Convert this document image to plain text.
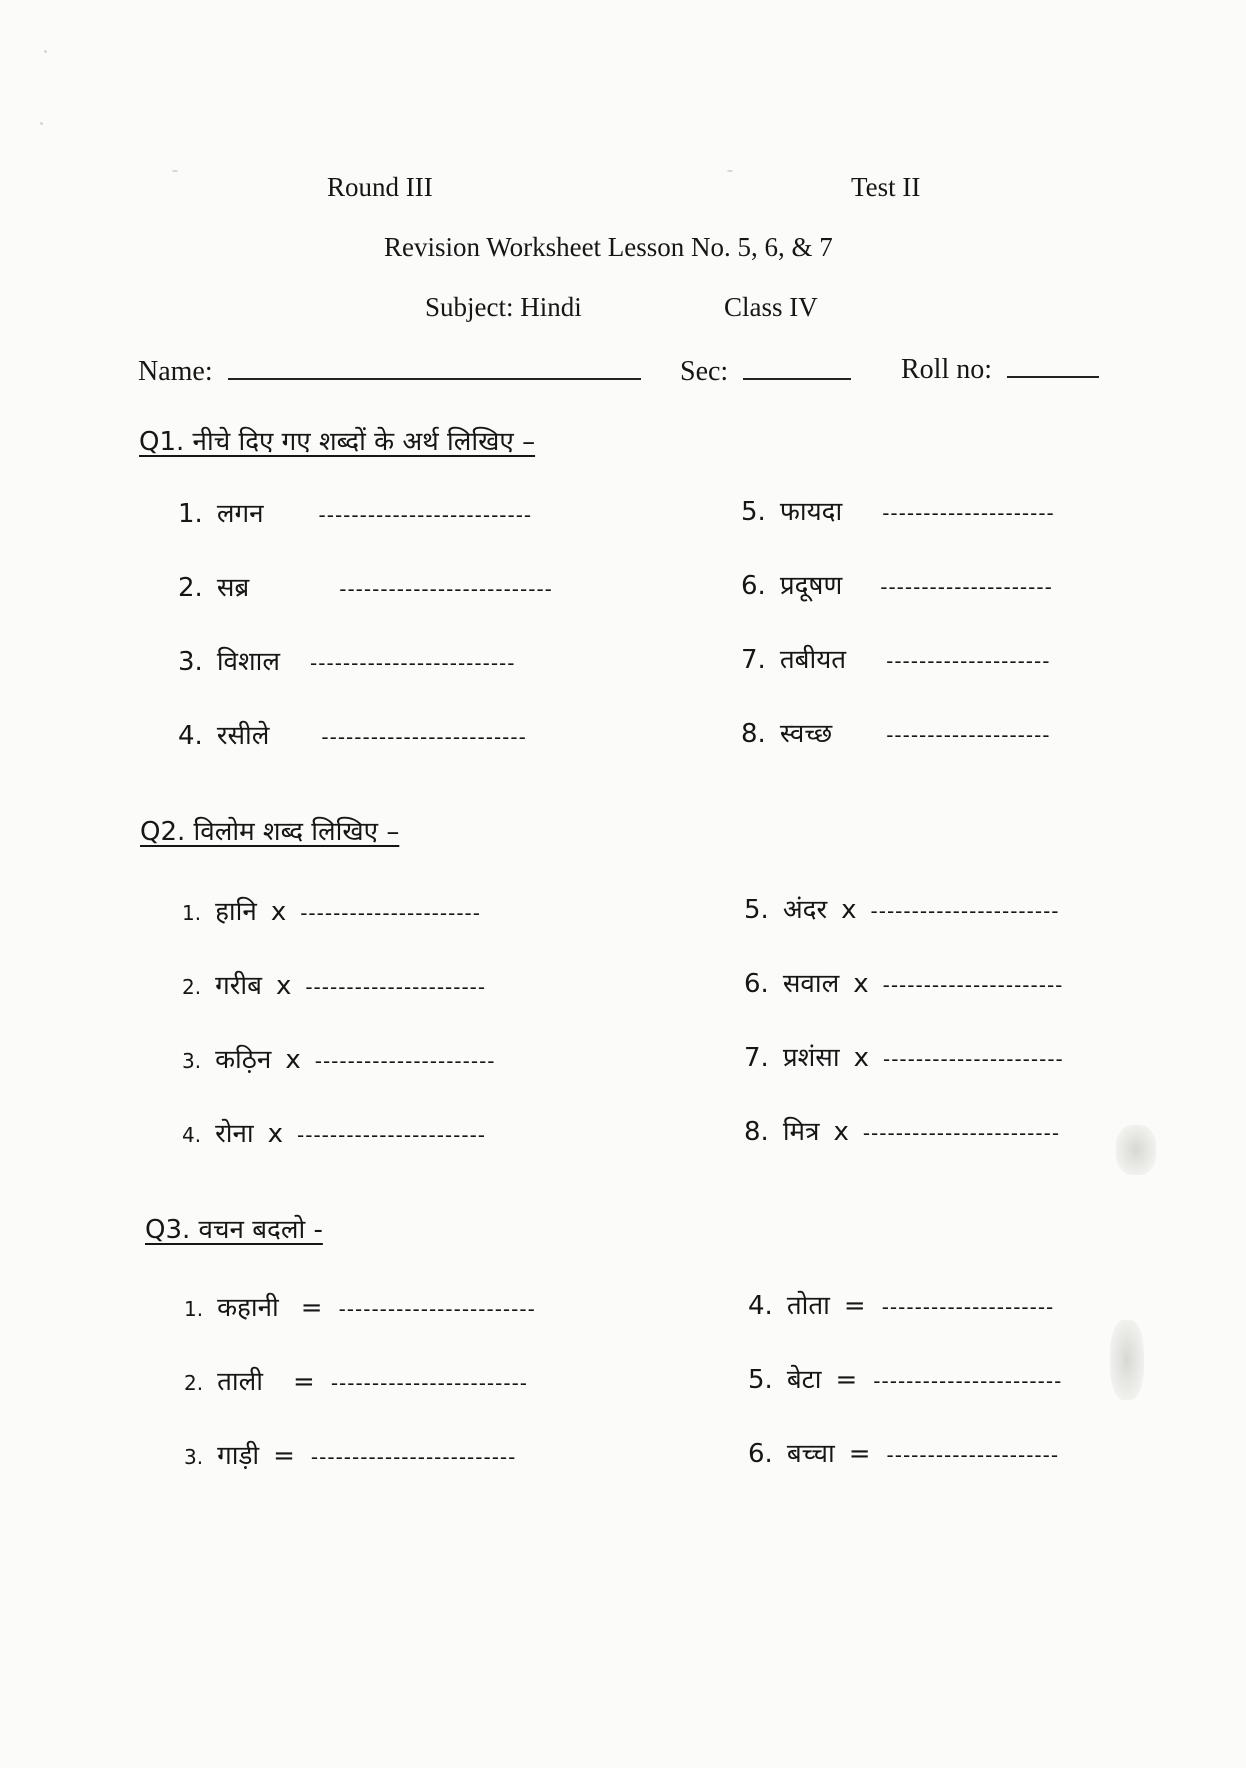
Round III	Test II
Revision Worksheet Lesson No. 5, 6, & 7
Subject: Hindi	Class IV
Name:	Sec:	Roll no:
Q1. नीचे दिए गए शब्दों के अर्थ लिखिए –
1. लगन	--------------------------
2. सब्र	--------------------------
3. विशाल -------------------------
4. रसीले	-------------------------
5. फायदा ---------------------
6. प्रदूषण ---------------------
7. तबीयत --------------------
8. स्वच्छ	--------------------
Q2. विलोम शब्द लिखिए –
1. हानि x ----------------------
2. गरीब x ----------------------
3. कठ़िन x ----------------------
4. रोना x -----------------------
5. अंदर x -----------------------
6. सवाल x ----------------------
7. प्रशंसा x ----------------------
8. मित्र x ------------------------
Q3. वचन बदलो -
1. कहानी = ------------------------
2. ताली = ------------------------
3. गाड़ी = -------------------------
4. तोता = ---------------------
5. बेटा = -----------------------
6. बच्चा = ---------------------
